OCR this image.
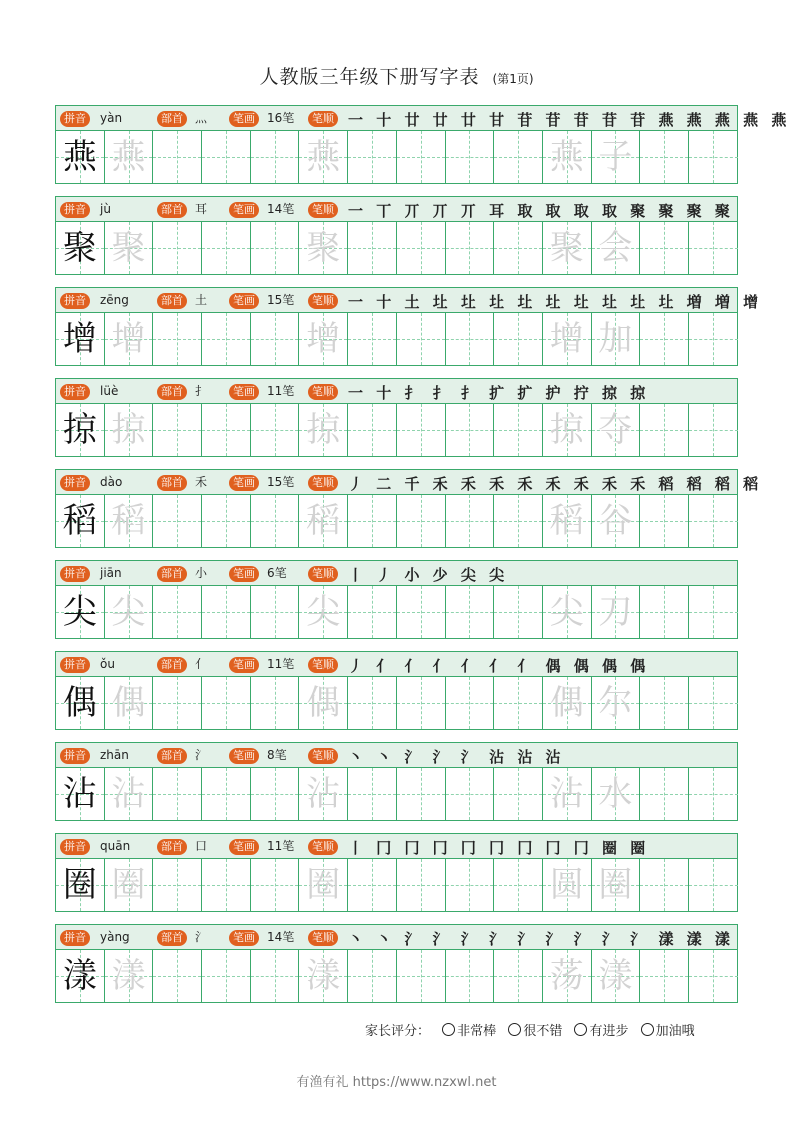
人教版三年级下册写字表 (第1页)
拼音	yàn	部首	灬	笔画	16笔	笔顺 一 十 廿 廿 廿 甘 苷 苷 苷 苷 苷 燕 燕 燕 燕 燕
燕 燕	燕	燕 子
拼音	jù	部首	耳	笔画	14笔	笔顺 一 丅 丌 丌 丌 耳 取 取 取 取 聚 聚 聚 聚
聚 聚	聚	聚 会
拼音	zēng	部首	土	笔画	15笔	笔顺 一 十 土 圵 圵 圵 圵 圵 圵 圵 圵 圵 増 増 增
增 增	增	增 加
拼音	lüè	部首	扌	笔画	11笔	笔顺 一 十 扌 扌 扌 扩 扩 护 拧 掠 掠
掠 掠	掠	掠 夺
拼音	dào	部首	禾	笔画	15笔	笔顺 丿 二 千 禾 禾 禾 禾 禾 禾 禾 禾 稻 稻 稻 稻
稻 稻	稻	稻 谷
拼音	jiān	部首	小	笔画	6笔	笔顺 丨 丿 小 少 尖 尖
尖 尖	尖	尖 刀
拼音	ǒu	部首	亻	笔画	11笔	笔顺 丿 亻 亻 亻 亻 亻 亻 偶 偶 偶 偶
偶 偶	偶	偶 尔
拼音	zhān	部首	氵	笔画	8笔	笔顺 丶 丶 氵 氵 氵 沾 沾 沾
沾 沾	沾	沾 水
拼音	quān	部首	口	笔画	11笔	笔顺 丨 冂 冂 冂 冂 冂 冂 冂 冂 圈 圈
圈 圈	圈	圆 圈
拼音	yàng	部首	氵	笔画	14笔	笔顺 丶 丶 氵 氵 氵 氵 氵 氵 氵 氵 氵 漾 漾 漾
漾 漾	漾	荡 漾
家长评分： 非常棒 很不错 有进步 加油哦
有渔有礼 https://www.nzxwl.net
